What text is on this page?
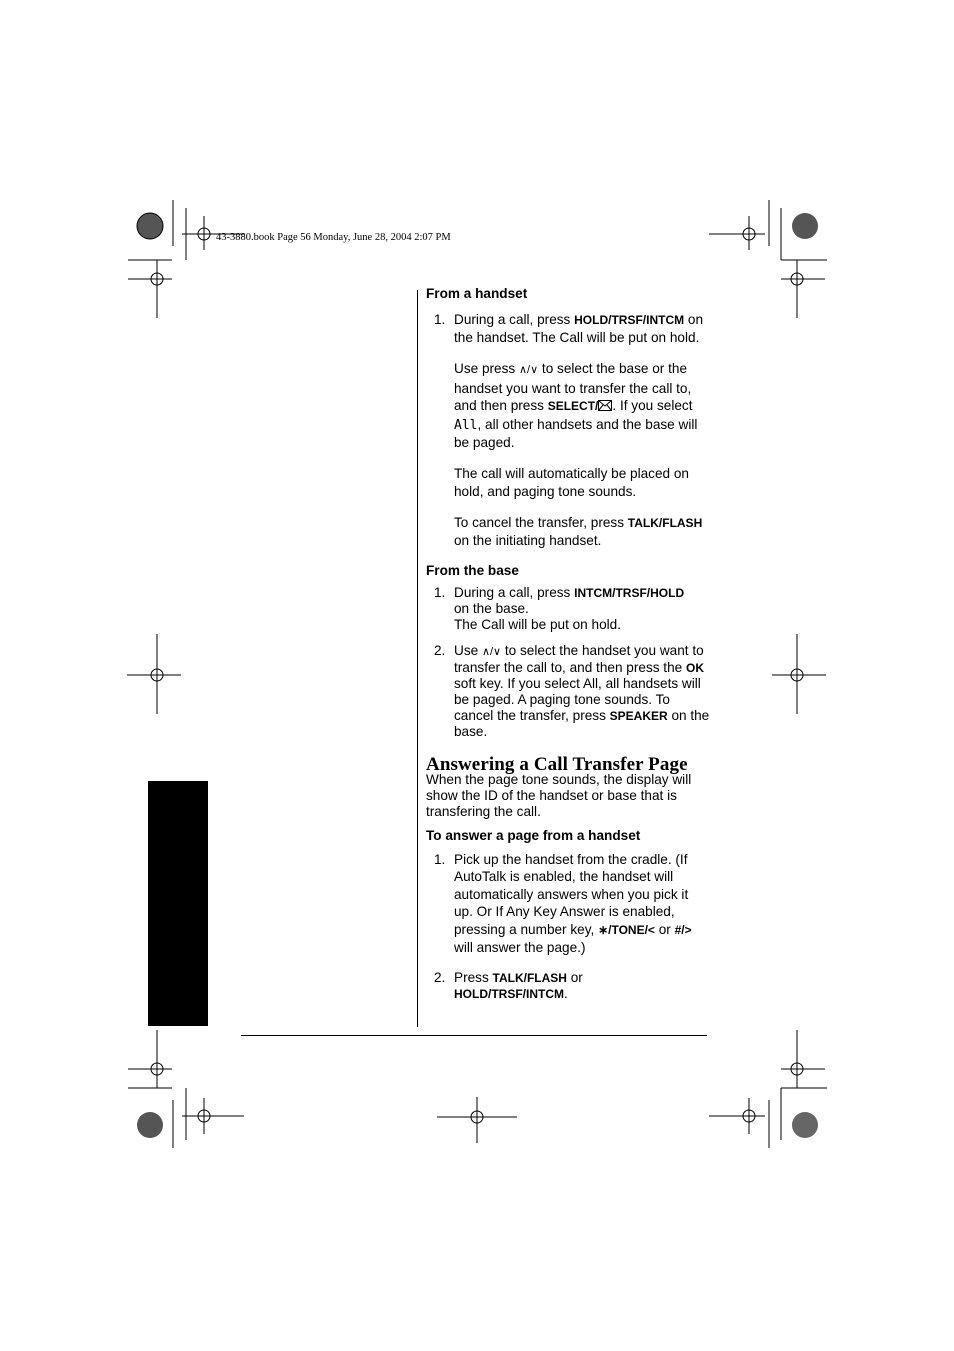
43-3880.book Page 56 Monday, June 28, 2004 2:07 PM

From a handset

1. During a call, press HOLD/TRSF/INTCM on the handset. The Call will be put on hold.
Use press ∧/∨ to select the base or the handset you want to transfer the call to, and then press SELECT/ . If you select All, all other handsets and the base will be paged.
The call will automatically be placed on hold, and paging tone sounds.
To cancel the transfer, press TALK/FLASH on the initiating handset.

From the base

1. During a call, press INTCM/TRSF/HOLD
on the base.
The Call will be put on hold.
2. Use ∧/∨ to select the handset you want to transfer the call to, and then press the OK soft key. If you select All, all handsets will be paged. A paging tone sounds. To cancel the transfer, press SPEAKER on the base.

Answering a Call Transfer Page

When the page tone sounds, the display will show the ID of the handset or base that is transfering the call.

To answer a page from a handset

1. Pick up the handset from the cradle. (If AutoTalk is enabled, the handset will automatically answers when you pick it up. Or If Any Key Answer is enabled, pressing a number key, ∗/TONE/< or #/> will answer the page.)
2. Press TALK/FLASH or
HOLD/TRSF/INTCM.
